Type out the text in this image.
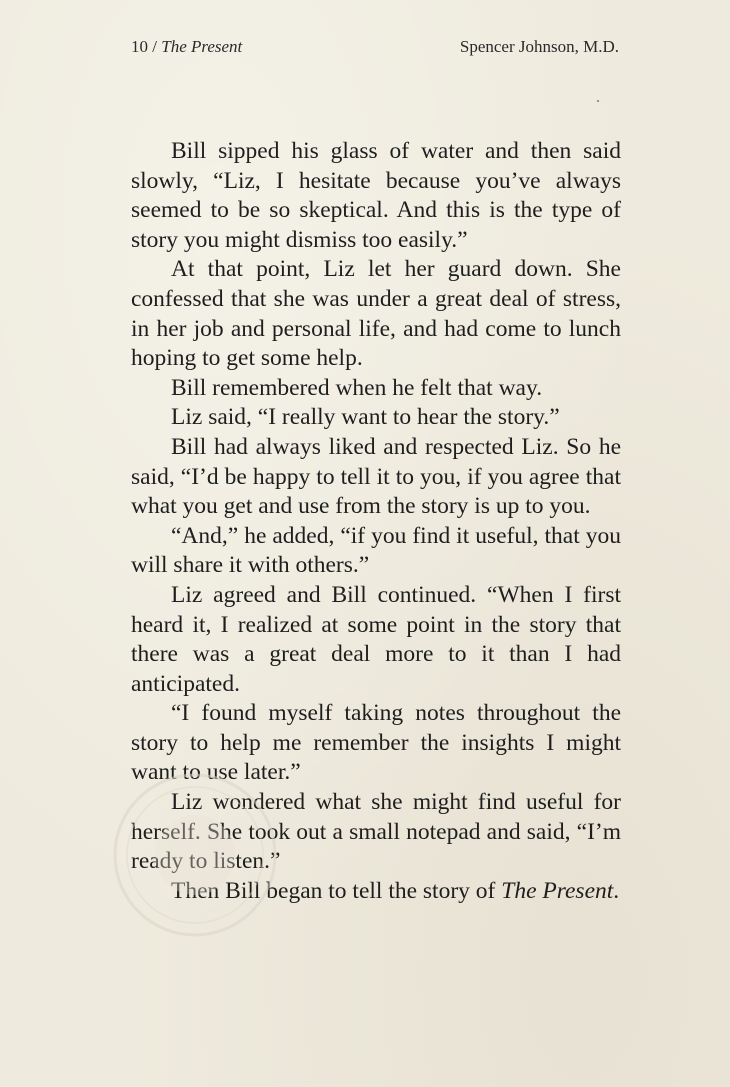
10 / The Present	Spencer Johnson, M.D.

Bill sipped his glass of water and then said slowly, “Liz, I hesitate because you’ve always seemed to be so skeptical. And this is the type of story you might dismiss too easily.”

At that point, Liz let her guard down. She confessed that she was under a great deal of stress, in her job and personal life, and had come to lunch hoping to get some help.

Bill remembered when he felt that way.

Liz said, “I really want to hear the story.”

Bill had always liked and respected Liz. So he said, “I’d be happy to tell it to you, if you agree that what you get and use from the story is up to you.

“And,” he added, “if you find it useful, that you will share it with others.”

Liz agreed and Bill continued. “When I first heard it, I realized at some point in the story that there was a great deal more to it than I had anticipated.

“I found myself taking notes throughout the story to help me remember the insights I might want to use later.”

Liz wondered what she might find useful for herself. She took out a small notepad and said, “I’m ready to listen.”

Then Bill began to tell the story of The Present.
